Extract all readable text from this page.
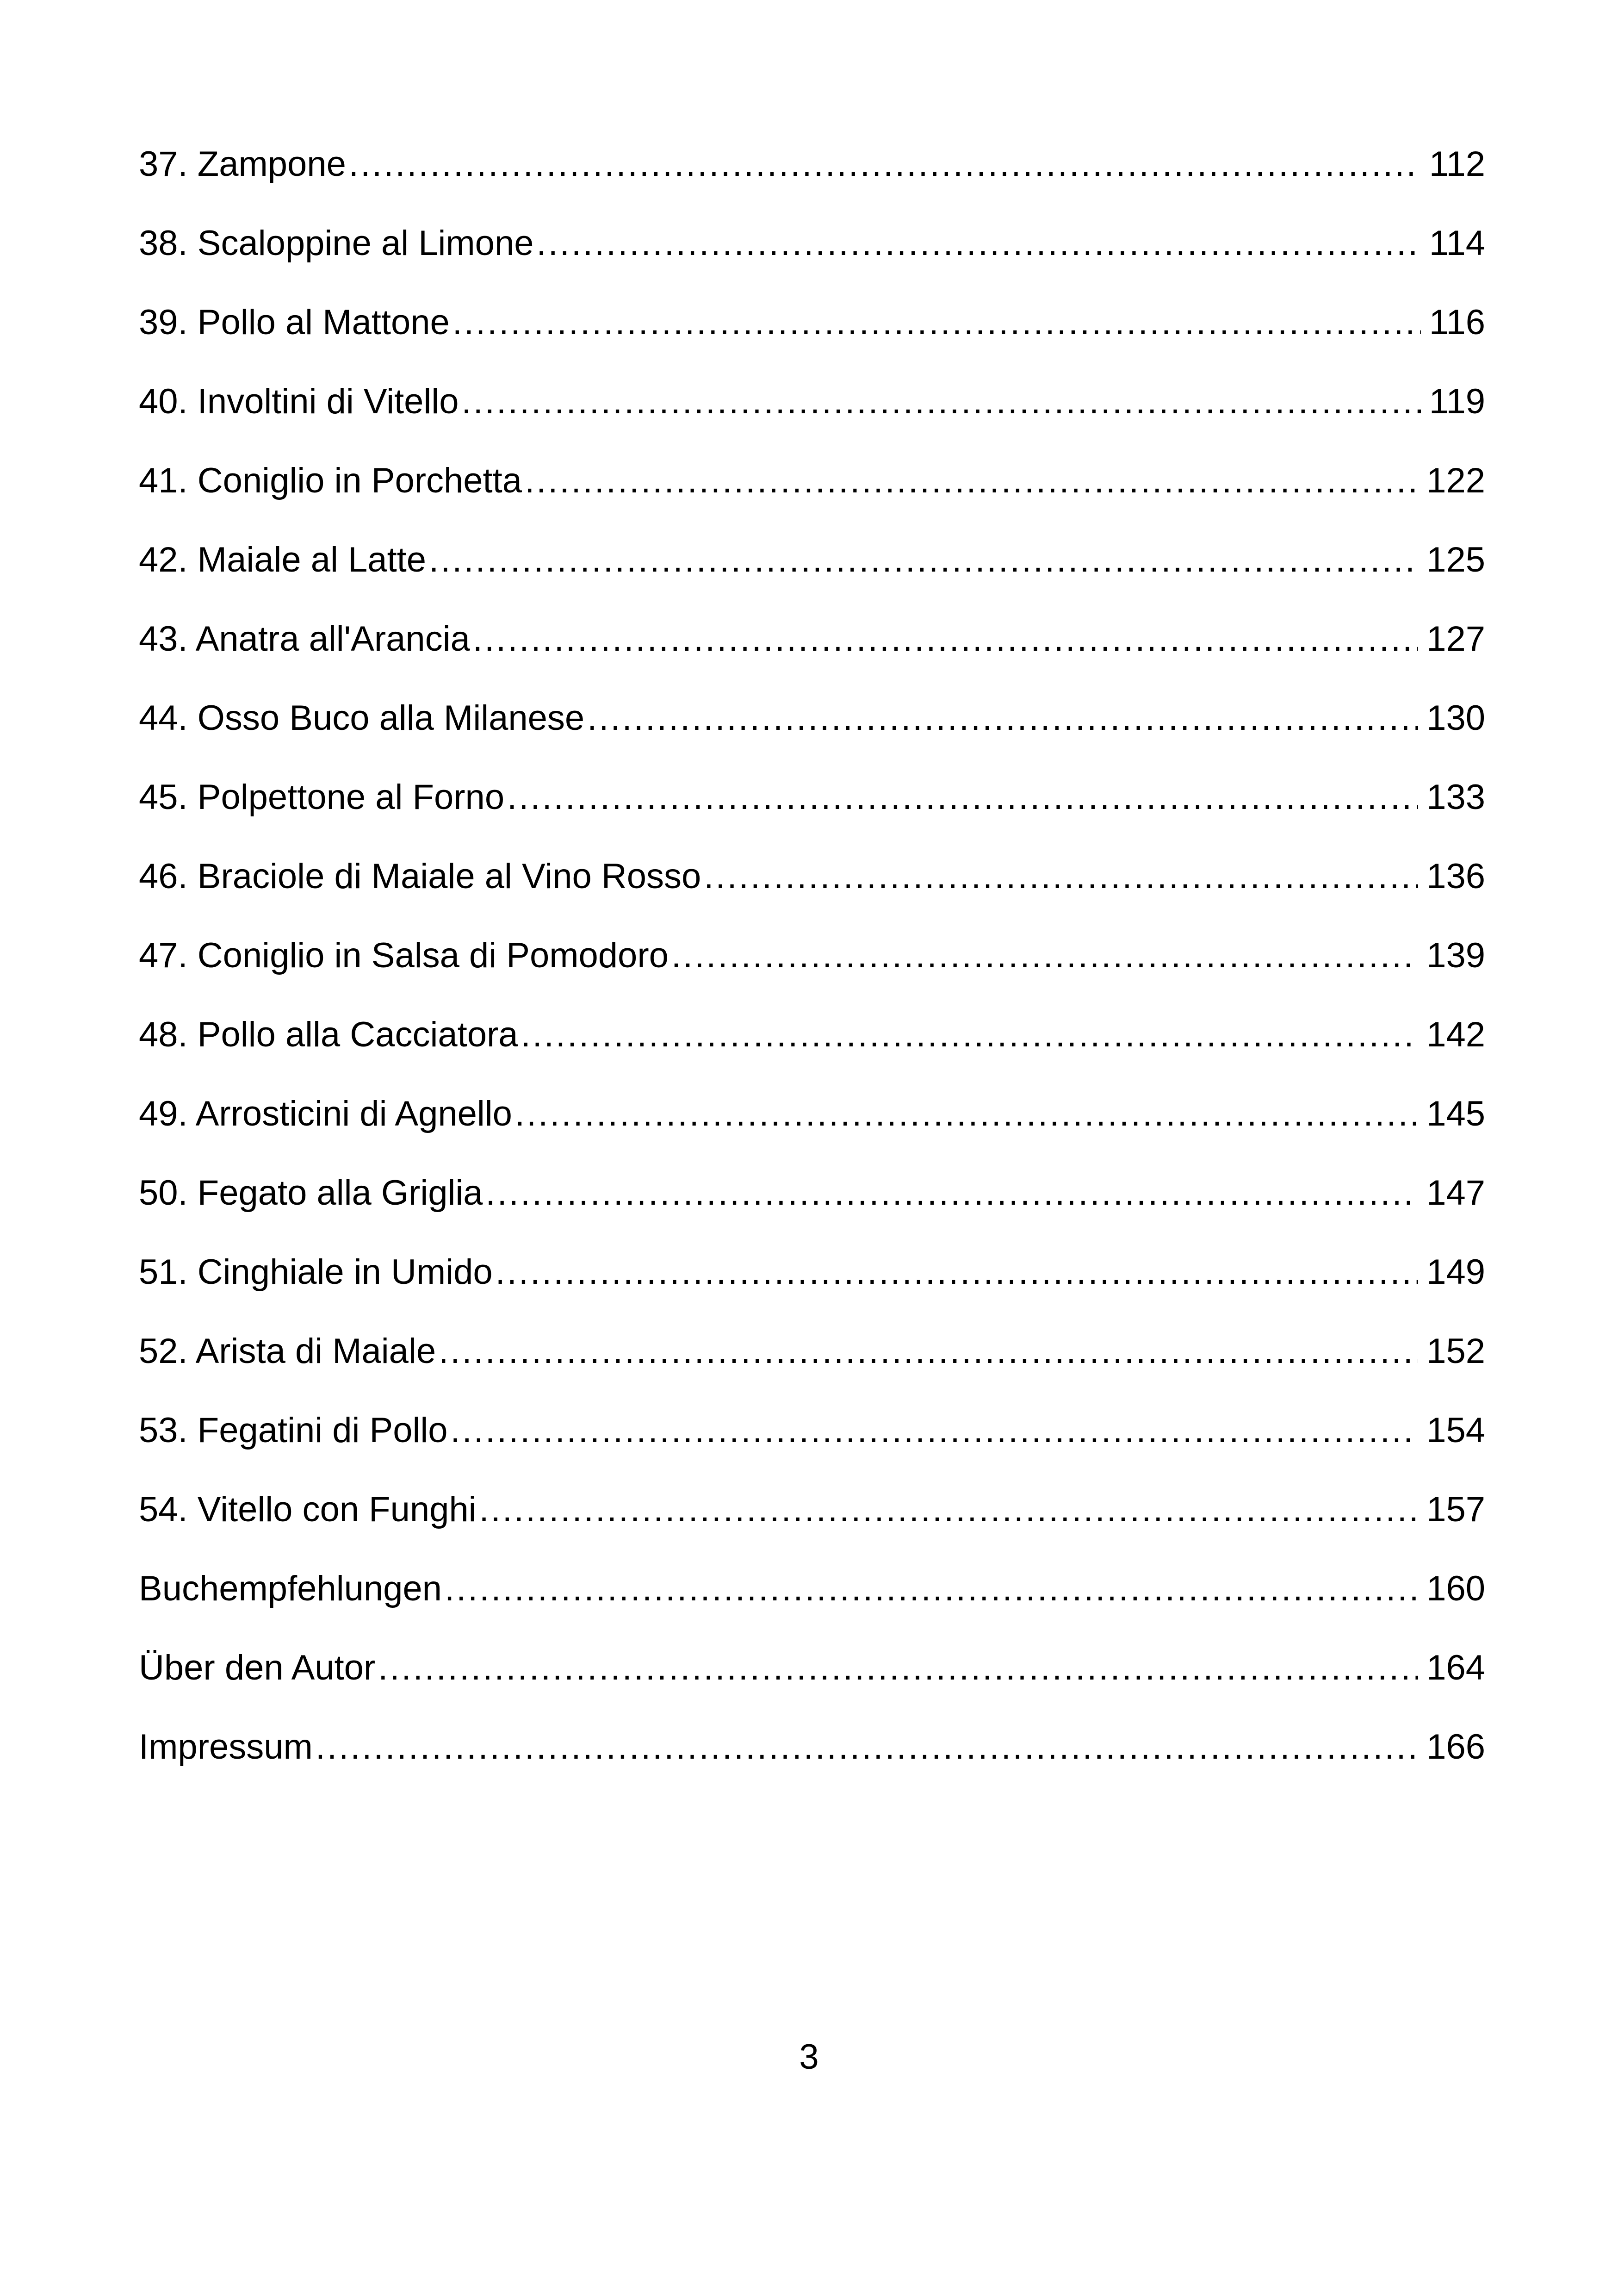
37. Zampone .....	112
38. Scaloppine al Limone .....	114
39. Pollo al Mattone .....	116
40. Involtini di Vitello .....	119
41. Coniglio in Porchetta .....	122
42. Maiale al Latte .....	125
43. Anatra all'Arancia .....	127
44. Osso Buco alla Milanese .....	130
45. Polpettone al Forno .....	133
46. Braciole di Maiale al Vino Rosso .....	136
47. Coniglio in Salsa di Pomodoro .....	139
48. Pollo alla Cacciatora .....	142
49. Arrosticini di Agnello .....	145
50. Fegato alla Griglia .....	147
51. Cinghiale in Umido .....	149
52. Arista di Maiale .....	152
53. Fegatini di Pollo .....	154
54. Vitello con Funghi .....	157
Buchempfehlungen .....	160
Über den Autor .....	164
Impressum .....	166
3
